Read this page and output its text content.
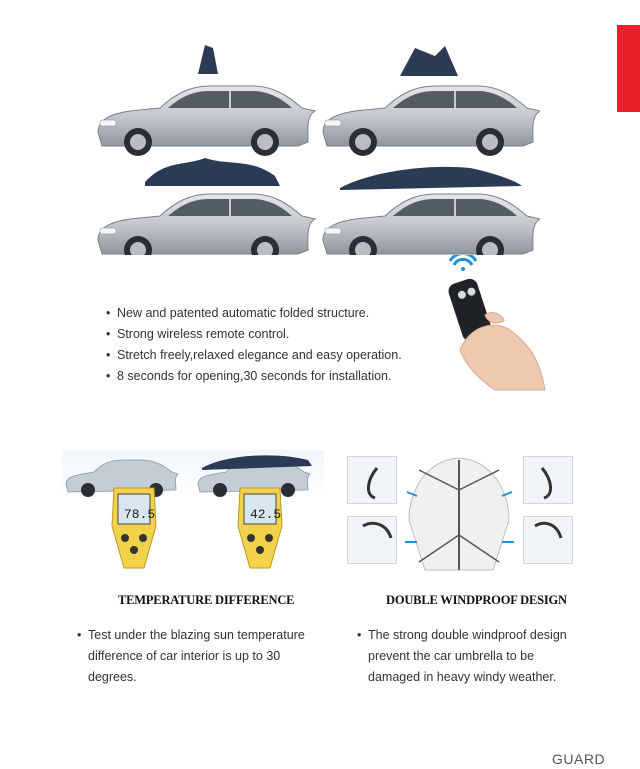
• New and patented automatic folded structure.
• Strong wireless remote control.
• Stretch freely,relaxed elegance and easy operation.
• 8 seconds for opening,30 seconds for installation.
78.5	42.5
TEMPERATURE DIFFERENCE	DOUBLE WINDPROOF DESIGN
• Test under the blazing sun temperature
difference of car interior is up to 30
degrees.
• The strong double windproof design
prevent the car umbrella to be
damaged in heavy windy weather.
GUARD
